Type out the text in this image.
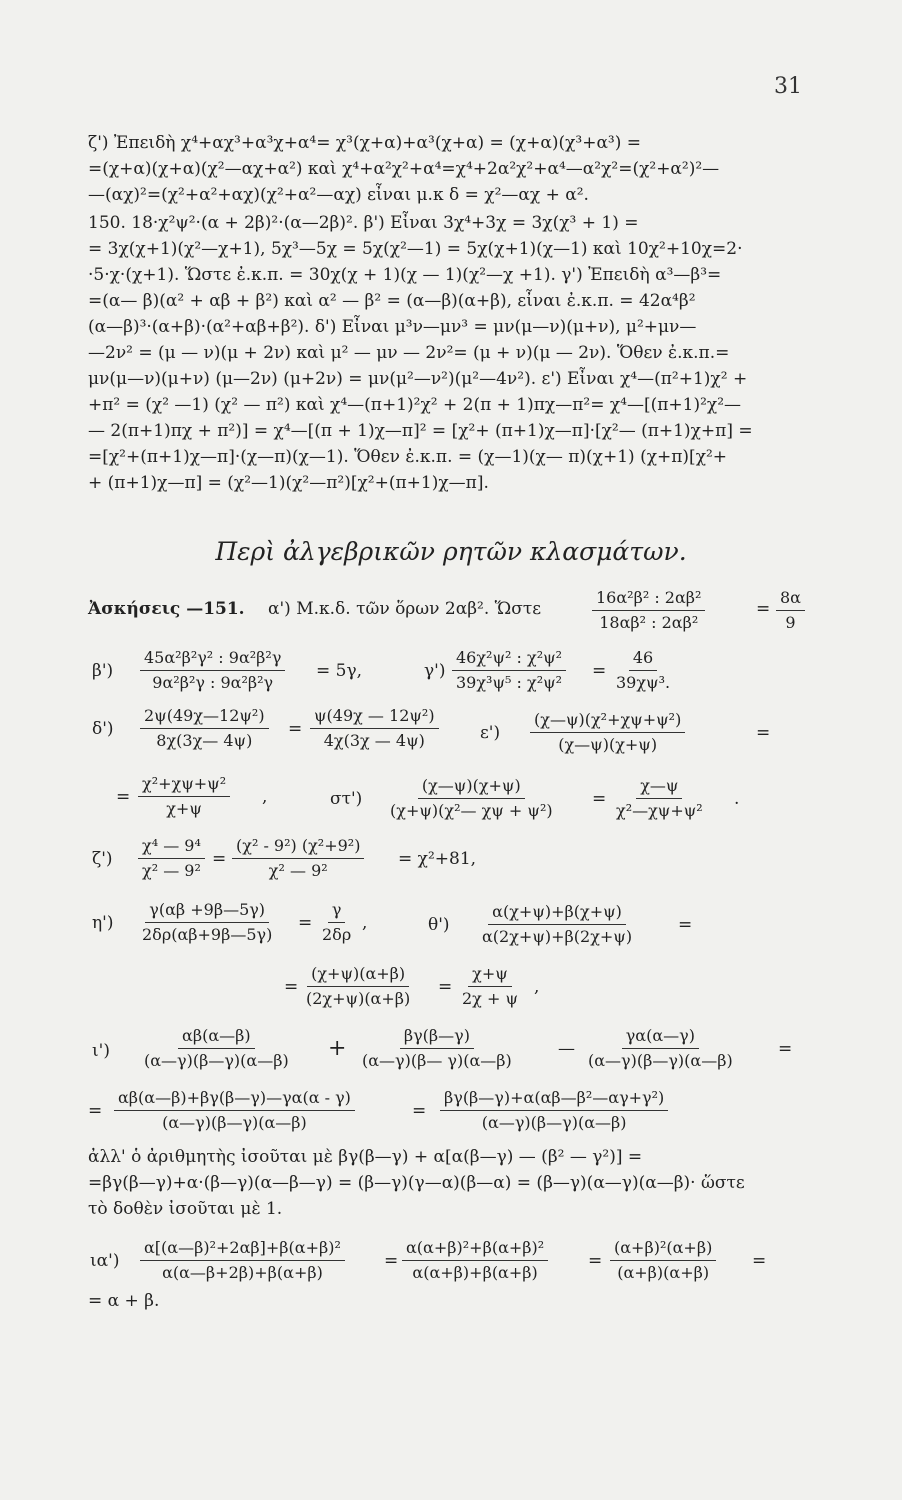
31
ζ') Ἐπειδὴ χ⁴+αχ³+α³χ+α⁴= χ³(χ+α)+α³(χ+α) = (χ+α)(χ³+α³) =
=(χ+α)(χ+α)(χ²—αχ+α²) καὶ χ⁴+α²χ²+α⁴=χ⁴+2α²χ²+α⁴—α²χ²=(χ²+α²)²—
—(αχ)²=(χ²+α²+αχ)(χ²+α²—αχ) εἶναι μ.κ δ = χ²—αχ + α².
150. 18·χ²ψ²·(α + 2β)²·(α—2β)². β') Εἶναι 3χ⁴+3χ = 3χ(χ³ + 1) =
= 3χ(χ+1)(χ²—χ+1), 5χ³—5χ = 5χ(χ²—1) = 5χ(χ+1)(χ—1) καὶ 10χ²+10χ=2·
·5·χ·(χ+1). Ὥστε ἐ.κ.π. = 30χ(χ + 1)(χ — 1)(χ²—χ +1). γ') Ἐπειδὴ α³—β³=
=(α— β)(α² + αβ + β²) καὶ α² — β² = (α—β)(α+β), εἶναι ἐ.κ.π. = 42α⁴β²
(α—β)³·(α+β)·(α²+αβ+β²). δ') Εἶναι μ³ν—μν³ = μν(μ—ν)(μ+ν), μ²+μν—
—2ν² = (μ — ν)(μ + 2ν) καὶ μ² — μν — 2ν²= (μ + ν)(μ — 2ν). Ὅθεν ἐ.κ.π.=
μν(μ—ν)(μ+ν) (μ—2ν) (μ+2ν) = μν(μ²—ν²)(μ²—4ν²). ε') Εἶναι χ⁴—(π²+1)χ² +
+π² = (χ² —1) (χ² — π²) καὶ χ⁴—(π+1)²χ² + 2(π + 1)πχ—π²= χ⁴—[(π+1)²χ²—
— 2(π+1)πχ + π²)] = χ⁴—[(π + 1)χ—π]² = [χ²+ (π+1)χ—π]·[χ²— (π+1)χ+π] =
=[χ²+(π+1)χ—π]·(χ—π)(χ—1). Ὅθεν ἐ.κ.π. = (χ—1)(χ— π)(χ+1) (χ+π)[χ²+
+ (π+1)χ—π] = (χ²—1)(χ²—π²)[χ²+(π+1)χ—π].
Περὶ ἀλγεβρικῶν ρητῶν κλασμάτων.
Ἀσκήσεις —151. α') Μ.κ.δ. τῶν ὅρων 2αβ². Ὥστε	$\frac{\text{16α²β² : 2αβ²}}{\text{18αβ² : 2αβ²}}$	= $\frac{8\alpha}{9}$
$\beta') \frac{\text{45α²β²γ² : 9α²β²γ}}{\text{9α²β²γ : 9α²β²γ}} = 5\gamma$,	$\gamma') \frac{\text{46χ²ψ² : χ²ψ²}}{\text{39χ³ψ⁵ : χ²ψ²}} = \frac{46}{\text{39χψ³.}}$
$\delta') \frac{\text{2ψ(49χ—12ψ²)}}{8\chi(3\chi— 4\psi)} = \frac{\text{ψ(49χ — 12ψ²)}}{4\chi(3\chi — 4\psi)} \varepsilon') \frac{\text{(χ—ψ)(χ²+χψ+ψ²)}}{(\chi—\psi)(\chi+\psi)}$	=
= $\frac{\text{χ²+χψ+ψ²}}{\chi+\psi}$ ,	$\sigma\tau') \frac{(\chi—\psi)(\chi+\psi)}{\text{(χ+ψ)(χ²— χψ + ψ²)}} = \frac{\chi—\psi}{\text{χ²—χψ+ψ²}}$ .
$\zeta') \frac{\text{χ⁴ — 9⁴}}{\text{χ² — 9²}} = \frac{\text{(χ² - 9²) (χ²+9²)}}{\text{χ² — 9²}} = \chi^2+81$,
$\eta') \frac{\gamma(\alpha\beta +9\beta—5\gamma)}{2\delta\rho(\alpha\beta+9\beta—5\gamma)} = \frac{\gamma}{2\delta\rho}$ ,	$\theta') \frac{\alpha(\chi+\psi)+\beta(\chi+\psi)}{\alpha(2\chi+\psi)+\beta(2\chi+\psi)}$ =
= $\frac{(\chi+\psi)(\alpha+\beta)}{(2\chi+\psi)(\alpha+\beta)} = \frac{\chi+\psi}{2\chi + \psi}$ ,
$\iota') \frac{\alpha\beta(\alpha—\beta)}{(\alpha—\gamma)(\beta—\gamma)(\alpha—\beta)} + \frac{\beta\gamma(\beta—\gamma)}{(\alpha—\gamma)(\beta— \gamma)(\alpha—\beta)}$ — $\frac{\gamma\alpha(\alpha—\gamma)}{(\alpha—\gamma)(\beta—\gamma)(\alpha—\beta)}$ =
= $\frac{\alpha\beta(\alpha—\beta)+\beta\gamma(\beta—\gamma)—\gamma\alpha(\alpha - \gamma)}{(\alpha—\gamma)(\beta—\gamma)(\alpha—\beta)}$	= $\frac{\text{βγ(β—γ)+α(αβ—β²—αγ+γ²)}}{(\alpha—\gamma)(\beta—\gamma)(\alpha—\beta)}$
ἀλλ' ὁ ἀριθμητὴς ἰσοῦται μὲ βγ(β—γ) + α[α(β—γ) — (β² — γ²)] =
=βγ(β—γ)+α·(β—γ)(α—β—γ) = (β—γ)(γ—α)(β—α) = (β—γ)(α—γ)(α—β)· ὥστε
τὸ δοθὲν ἰσοῦται μὲ 1.
$\iota\alpha') \frac{\text{α[(α—β)²+2αβ]+β(α+β)²}}{\alpha(\alpha—\beta+2\beta)+\beta(\alpha+\beta)} = \frac{\text{α(α+β)²+β(α+β)²}}{\alpha(\alpha+\beta)+\beta(\alpha+\beta)} = \frac{\text{(α+β)²(α+β)}}{(\alpha+\beta)(\alpha+\beta)}$ =
= α + β.
